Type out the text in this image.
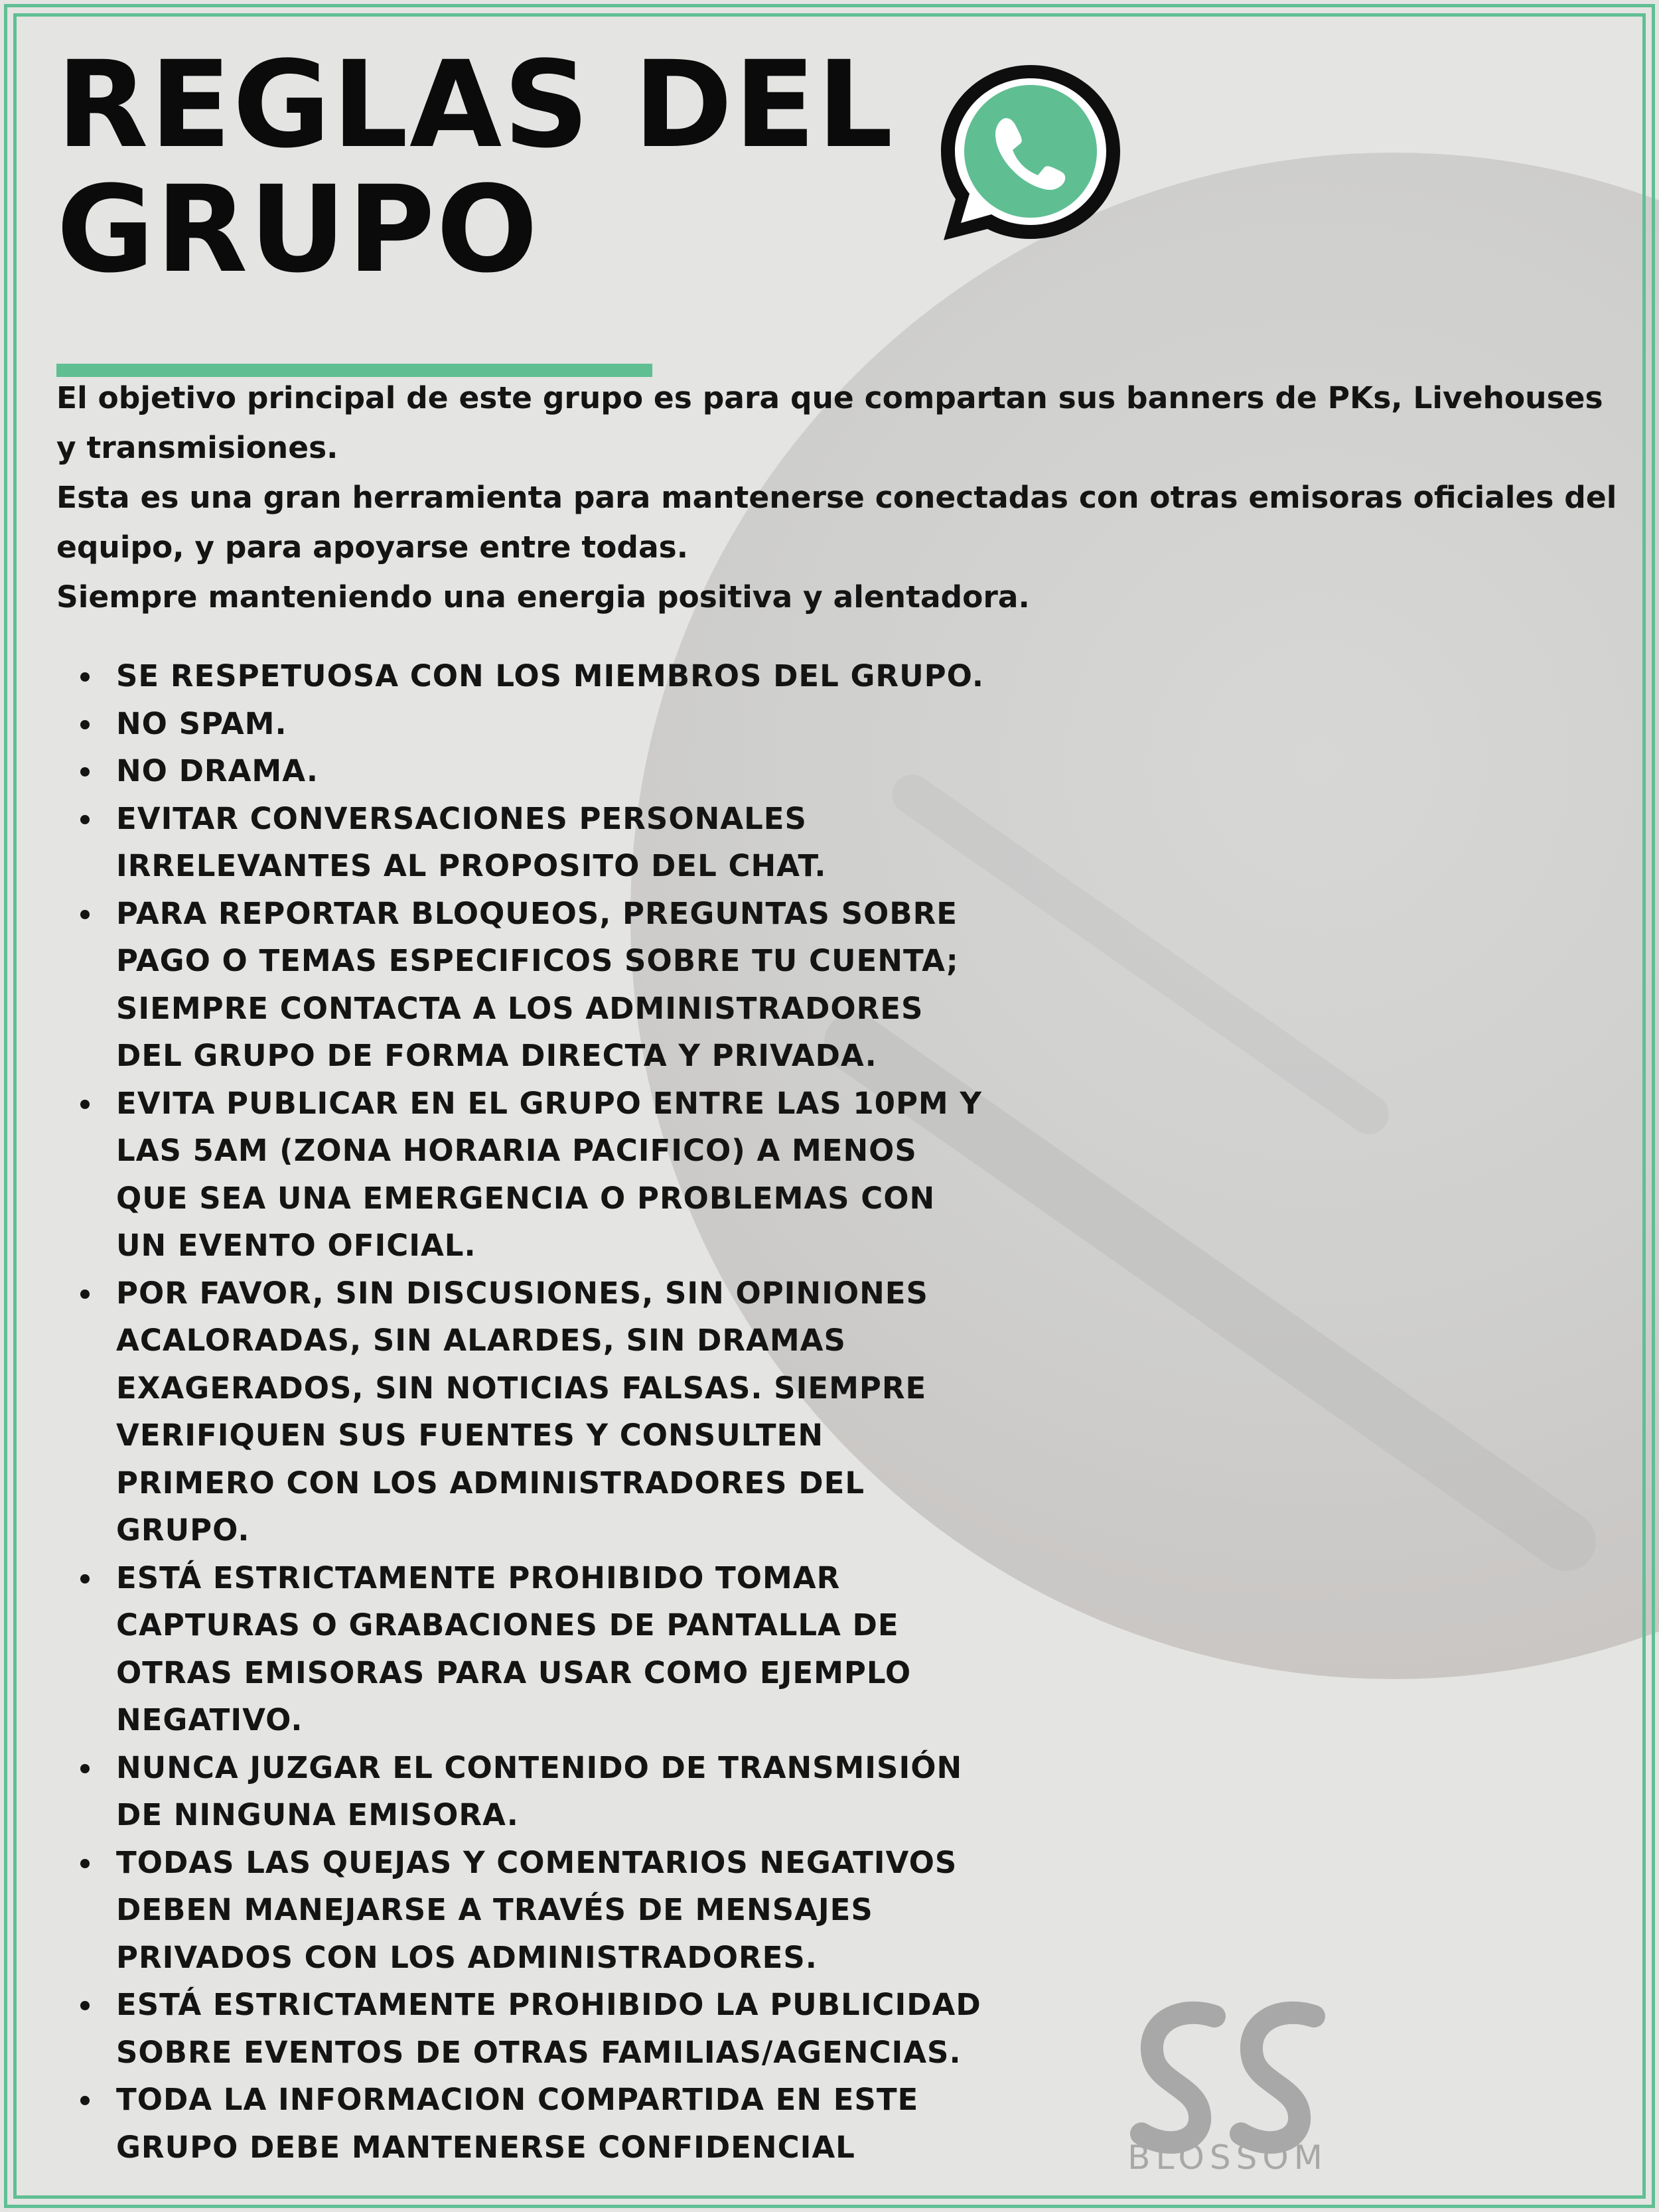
REGLAS DEL
GRUPO

El objetivo principal de este grupo es para que compartan sus banners de PKs, Livehouses

y transmisiones.

Esta es una gran herramienta para mantenerse conectadas con otras emisoras oficiales del

equipo, y para apoyarse entre todas.

Siempre manteniendo una energia positiva y alentadora.

SE RESPETUOSA CON LOS MIEMBROS DEL GRUPO.
NO SPAM.
NO DRAMA.
EVITAR CONVERSACIONES PERSONALES
IRRELEVANTES AL PROPOSITO DEL CHAT.
PARA REPORTAR BLOQUEOS, PREGUNTAS SOBRE
PAGO O TEMAS ESPECIFICOS SOBRE TU CUENTA;
SIEMPRE CONTACTA A LOS ADMINISTRADORES
DEL GRUPO DE FORMA DIRECTA Y PRIVADA.
EVITA PUBLICAR EN EL GRUPO ENTRE LAS 10PM Y
LAS 5AM (ZONA HORARIA PACIFICO) A MENOS
QUE SEA UNA EMERGENCIA O PROBLEMAS CON
UN EVENTO OFICIAL.
POR FAVOR, SIN DISCUSIONES, SIN OPINIONES
ACALORADAS, SIN ALARDES, SIN DRAMAS
EXAGERADOS, SIN NOTICIAS FALSAS. SIEMPRE
VERIFIQUEN SUS FUENTES Y CONSULTEN
PRIMERO CON LOS ADMINISTRADORES DEL
GRUPO.
ESTÁ ESTRICTAMENTE PROHIBIDO TOMAR
CAPTURAS O GRABACIONES DE PANTALLA DE
OTRAS EMISORAS PARA USAR COMO EJEMPLO
NEGATIVO.
NUNCA JUZGAR EL CONTENIDO DE TRANSMISIÓN
DE NINGUNA EMISORA.
TODAS LAS QUEJAS Y COMENTARIOS NEGATIVOS
DEBEN MANEJARSE A TRAVÉS DE MENSAJES
PRIVADOS CON LOS ADMINISTRADORES.
ESTÁ ESTRICTAMENTE PROHIBIDO LA PUBLICIDAD
SOBRE EVENTOS DE OTRAS FAMILIAS/AGENCIAS.
TODA LA INFORMACION COMPARTIDA EN ESTE
GRUPO DEBE MANTENERSE CONFIDENCIAL	BLOSSOM
